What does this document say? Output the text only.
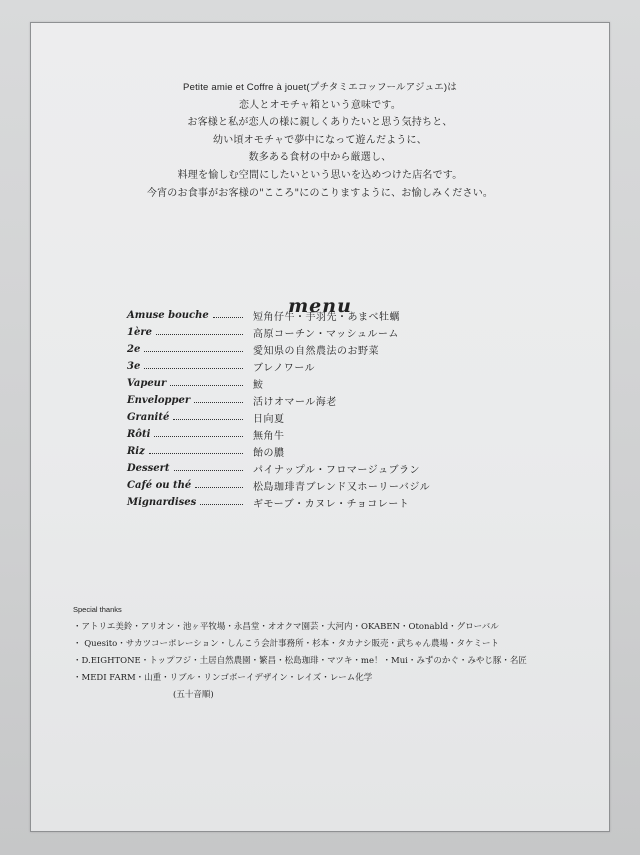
Petite amie et Coffre à jouet(プチタミエコッフールアジュエ)は
恋人とオモチャ箱という意味です。
お客様と私が恋人の様に親しくありたいと思う気持ちと、
幼い頃オモチャで夢中になって遊んだように、
数多ある食材の中から厳選し、
料理を愉しむ空間にしたいという思いを込めつけた店名です。
今宵のお食事がお客様の"こころ"にのこりますように、お愉しみください。
menu
Amuse bouche	短角仔牛・手羽先・あまべ牡蠣
1ère	高原コーチン・マッシュルーム
2e	愛知県の自然農法のお野菜
3e	ブレノワール
Vapeur	鮟
Envelopper	活けオマール海老
Granité	日向夏
Rôti	無角牛
Riz	飴の膿
Dessert	パイナップル・フロマージュブラン
Café ou thé	松島珈琲青ブレンド又ホーリーバジル
Mignardises	ギモーブ・カヌレ・チョコレート
Special thanks
・アトリエ美鈴・アリオン・池ヶ平牧場・永昌堂・オオクマ園芸・大河内・OKABEN・Otonabld・グローバル
・ Quesito・サカツコーポレーション・しんこう会計事務所・杉本・タカナシ販売・武ちゃん農場・タケミート
・D.EIGHTONE・トップフジ・土居自然農園・繁昌・松島珈琲・マツキ・me！・Mui・みずのかぐ・みやじ豚・名匠
・MEDI FARM・山重・リブル・リンゴボーイデザイン・レイズ・レーム化学
(五十音順)
